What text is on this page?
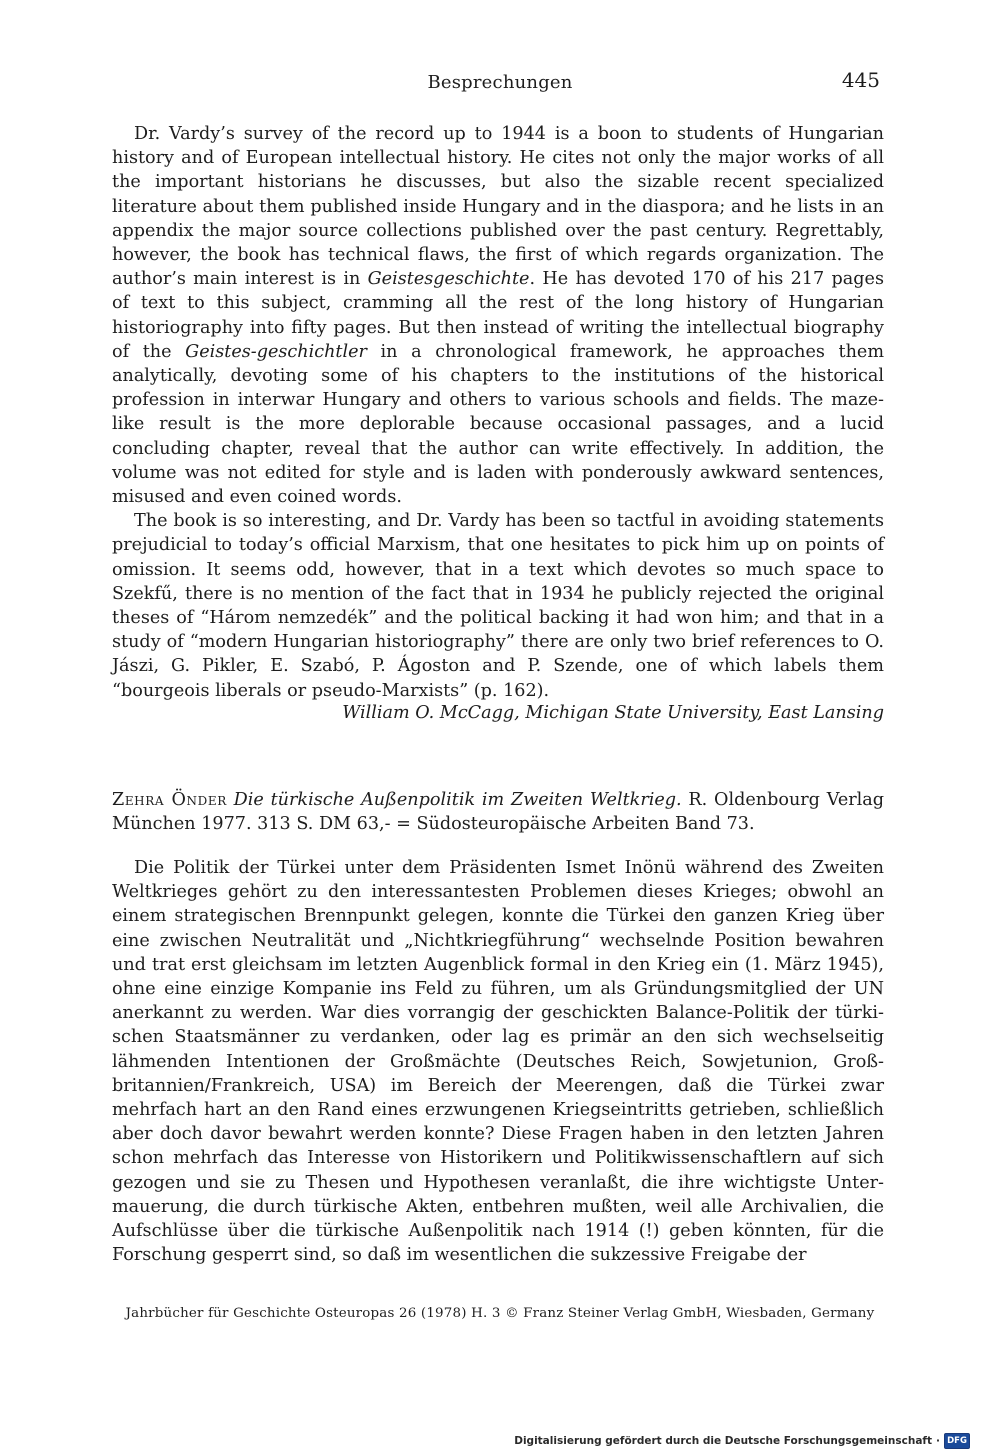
Besprechungen	445

Dr. Vardy’s survey of the record up to 1944 is a boon to students of Hungarian history and of European intellectual history. He cites not only the major works of all the important historians he discusses, but also the sizable recent specialized literature about them published inside Hungary and in the diaspora; and he lists in an appendix the major source collections published over the past century. Regrettably, however, the book has technical flaws, the first of which regards organization. The author’s main interest is in Geistesgeschichte. He has devoted 170 of his 217 pages of text to this subject, cramming all the rest of the long history of Hungarian historiography into fifty pages. But then instead of writing the intellectual biography of the Geistes-geschichtler in a chronological framework, he approaches them analytically, devoting some of his chapters to the institutions of the historical profession in interwar Hungary and others to various schools and fields. The maze-like result is the more deplorable because occasional passages, and a lucid concluding chapter, reveal that the author can write effectively. In addition, the volume was not edited for style and is laden with ponderously awkward sentences, misused and even coined words.

The book is so interesting, and Dr. Vardy has been so tactful in avoiding statements prejudicial to today’s official Marxism, that one hesitates to pick him up on points of omission. It seems odd, however, that in a text which devotes so much space to Szekfű, there is no mention of the fact that in 1934 he publicly rejected the original theses of “Három nemzedék” and the political backing it had won him; and that in a study of “modern Hungarian historiography” there are only two brief references to O. Jászi, G. Pikler, E. Szabó, P. Ágoston and P. Szende, one of which labels them “bourgeois liberals or pseudo-Marxists” (p. 162).

William O. McCagg, Michigan State University, East Lansing
Zehra Önder Die türkische Außenpolitik im Zweiten Weltkrieg. R. Oldenbourg Verlag München 1977. 313 S. DM 63,- = Südosteuropäische Arbeiten Band 73.

Die Politik der Türkei unter dem Präsidenten Ismet Inönü während des Zweiten Weltkrieges gehört zu den interessantesten Problemen dieses Krieges; obwohl an einem strategischen Brennpunkt gelegen, konnte die Türkei den ganzen Krieg über eine zwischen Neutralität und „Nichtkriegführung“ wechselnde Position bewahren und trat erst gleichsam im letzten Augenblick formal in den Krieg ein (1. März 1945), ohne eine einzige Kompanie ins Feld zu führen, um als Gründungsmitglied der UN anerkannt zu werden. War dies vorrangig der geschickten Balance-Politik der türkischen Staatsmänner zu verdanken, oder lag es primär an den sich wechselseitig lähmenden Intentionen der Großmächte (Deutsches Reich, Sowjetunion, Großbritannien/Frankreich, USA) im Bereich der Meerengen, daß die Türkei zwar mehrfach hart an den Rand eines erzwungenen Kriegseintritts getrieben, schließlich aber doch davor bewahrt werden konnte? Diese Fragen haben in den letzten Jahren schon mehrfach das Interesse von Historikern und Politikwissenschaftlern auf sich gezogen und sie zu Thesen und Hypothesen veranlaßt, die ihre wichtigste Untermauerung, die durch türkische Akten, entbehren mußten, weil alle Archivalien, die Aufschlüsse über die türkische Außenpolitik nach 1914 (!) geben könnten, für die Forschung gesperrt sind, so daß im wesentlichen die sukzessive Freigabe der

Jahrbücher für Geschichte Osteuropas 26 (1978) H. 3 © Franz Steiner Verlag GmbH, Wiesbaden, Germany
Digitalisierung gefördert durch die Deutsche Forschungsgemeinschaft · DFG
